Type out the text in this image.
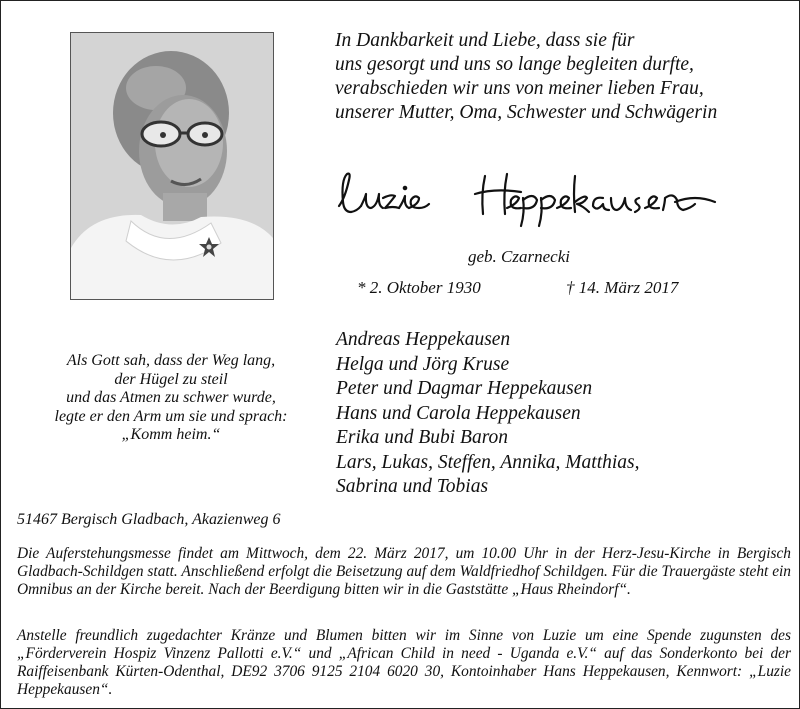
In Dankbarkeit und Liebe, dass sie für
uns gesorgt und uns so lange begleiten durfte,
verabschieden wir uns von meiner lieben Frau,
unserer Mutter, Oma, Schwester und Schwägerin
geb. Czarnecki
* 2. Oktober 1930	† 14. März 2017
Als Gott sah, dass der Weg lang,
der Hügel zu steil
und das Atmen zu schwer wurde,
legte er den Arm um sie und sprach:
„Komm heim.“
Andreas Heppekausen
Helga und Jörg Kruse
Peter und Dagmar Heppekausen
Hans und Carola Heppekausen
Erika und Bubi Baron
Lars, Lukas, Steffen, Annika, Matthias,
Sabrina und Tobias
51467 Bergisch Gladbach, Akazienweg 6
Die Auferstehungsmesse findet am Mittwoch, dem 22. März 2017, um 10.00 Uhr in der Herz-Jesu-Kirche in Bergisch Gladbach-Schildgen statt. Anschließend erfolgt die Beisetzung auf dem Waldfriedhof Schildgen. Für die Trauergäste steht ein Omnibus an der Kirche bereit. Nach der Beerdigung bitten wir in die Gaststätte „Haus Rheindorf“.
Anstelle freundlich zugedachter Kränze und Blumen bitten wir im Sinne von Luzie um eine Spende zugunsten des „Förderverein Hospiz Vinzenz Pallotti e.V.“ und „African Child in need - Uganda e.V.“ auf das Sonderkonto bei der Raiffeisenbank Kürten-Odenthal, DE92 3706 9125 2104 6020 30, Kontoinhaber Hans Heppekausen, Kennwort: „Luzie Heppekausen“.
